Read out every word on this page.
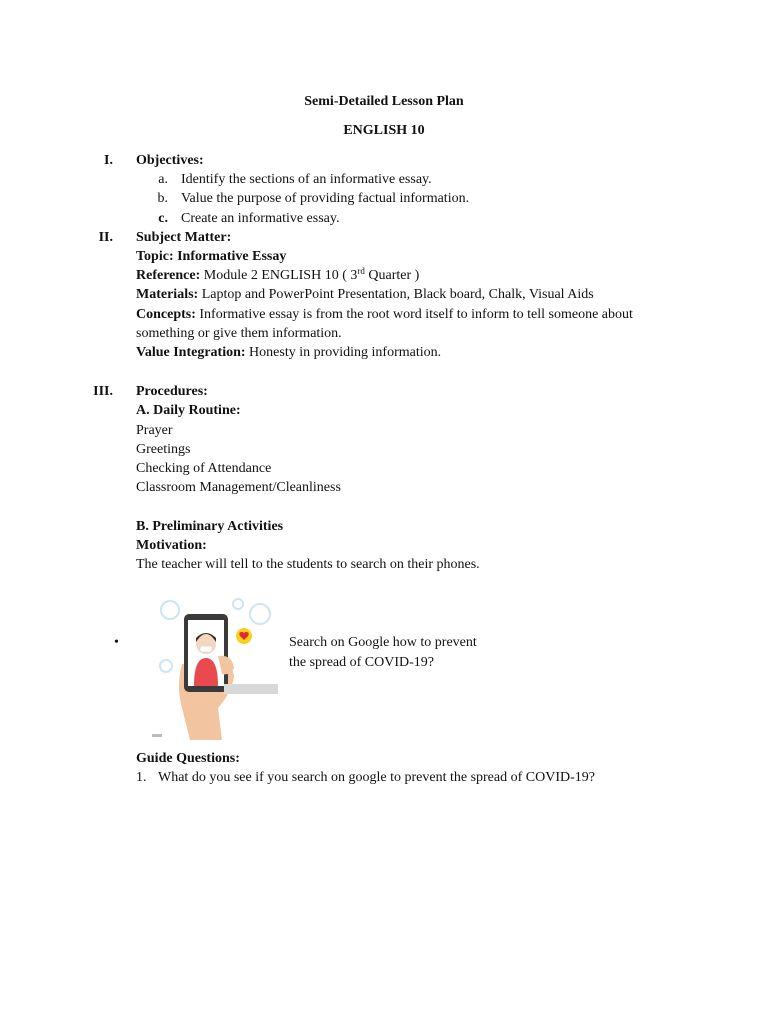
Semi-Detailed Lesson Plan
ENGLISH 10
I. Objectives:
a. Identify the sections of an informative essay.
b. Value the purpose of providing factual information.
c. Create an informative essay.
II. Subject Matter:
Topic: Informative Essay
Reference: Module 2 ENGLISH 10 ( 3rd Quarter )
Materials: Laptop and PowerPoint Presentation, Black board, Chalk, Visual Aids
Concepts: Informative essay is from the root word itself to inform to tell someone about
something or give them information.
Value Integration: Honesty in providing information.
III. Procedures:
A. Daily Routine:
Prayer
Greetings
Checking of Attendance
Classroom Management/Cleanliness
B. Preliminary Activities
Motivation:
The teacher will tell to the students to search on their phones.
•	Search on Google how to prevent
the spread of COVID-19?
Guide Questions:
1. What do you see if you search on google to prevent the spread of COVID-19?
